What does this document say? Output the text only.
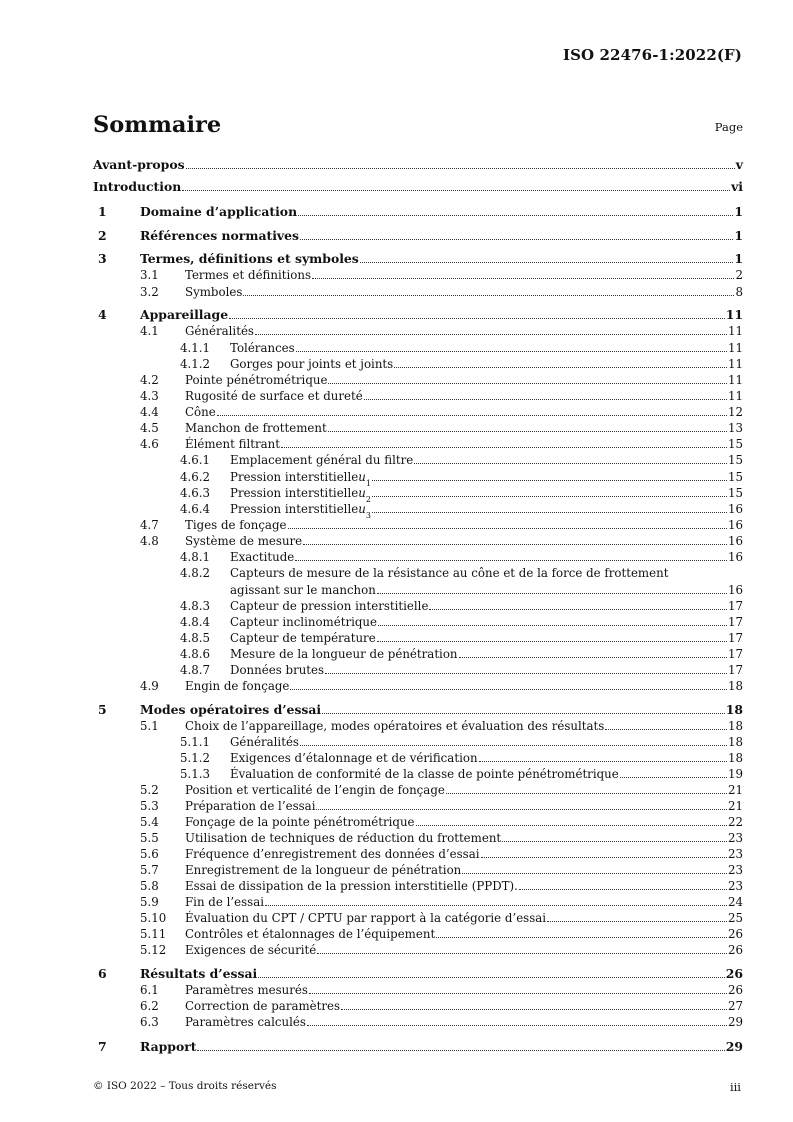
ISO 22476-1:2022(F)
Sommaire	Page
Avant-propos	v
Introduction	vi
1	Domaine d’application	1
2	Références normatives	1
3	Termes, définitions et symboles	1
3.1 Termes et définitions	2
3.2 Symboles	8
4	Appareillage	11
4.1 Généralités	11
4.1.1 Tolérances	11
4.1.2 Gorges pour joints et joints	11
4.2 Pointe pénétrométrique	11
4.3 Rugosité de surface et dureté	11
4.4 Cône	12
4.5 Manchon de frottement	13
4.6 Élément filtrant	15
4.6.1 Emplacement général du filtre	15
4.6.2 Pression interstitielle u 1	15
4.6.3 Pression interstitielle u 2	15
4.6.4 Pression interstitielle u 3	16
4.7 Tiges de fonçage	16
4.8 Système de mesure	16
4.8.1 Exactitude	16
4.8.2 Capteurs de mesure de la résistance au cône et de la force de frottement
agissant sur le manchon	16
4.8.3 Capteur de pression interstitielle	17
4.8.4 Capteur inclinométrique	17
4.8.5 Capteur de température	17
4.8.6 Mesure de la longueur de pénétration	17
4.8.7 Données brutes	17
4.9 Engin de fonçage	18
5	Modes opératoires d’essai	18
5.1 Choix de l’appareillage, modes opératoires et évaluation des résultats	18
5.1.1 Généralités	18
5.1.2 Exigences d’étalonnage et de vérification	18
5.1.3 Évaluation de conformité de la classe de pointe pénétrométrique	19
5.2 Position et verticalité de l’engin de fonçage	21
5.3 Préparation de l’essai	21
5.4 Fonçage de la pointe pénétrométrique	22
5.5 Utilisation de techniques de réduction du frottement	23
5.6 Fréquence d’enregistrement des données d’essai	23
5.7 Enregistrement de la longueur de pénétration	23
5.8 Essai de dissipation de la pression interstitielle (PPDT).	23
5.9 Fin de l’essai	24
5.10 Évaluation du CPT / CPTU par rapport à la catégorie d’essai	25
5.11 Contrôles et étalonnages de l’équipement	26
5.12 Exigences de sécurité	26
6	Résultats d’essai	26
6.1 Paramètres mesurés	26
6.2 Correction de paramètres	27
6.3 Paramètres calculés	29
7	Rapport	29
© ISO 2022 – Tous droits réservés	iii
